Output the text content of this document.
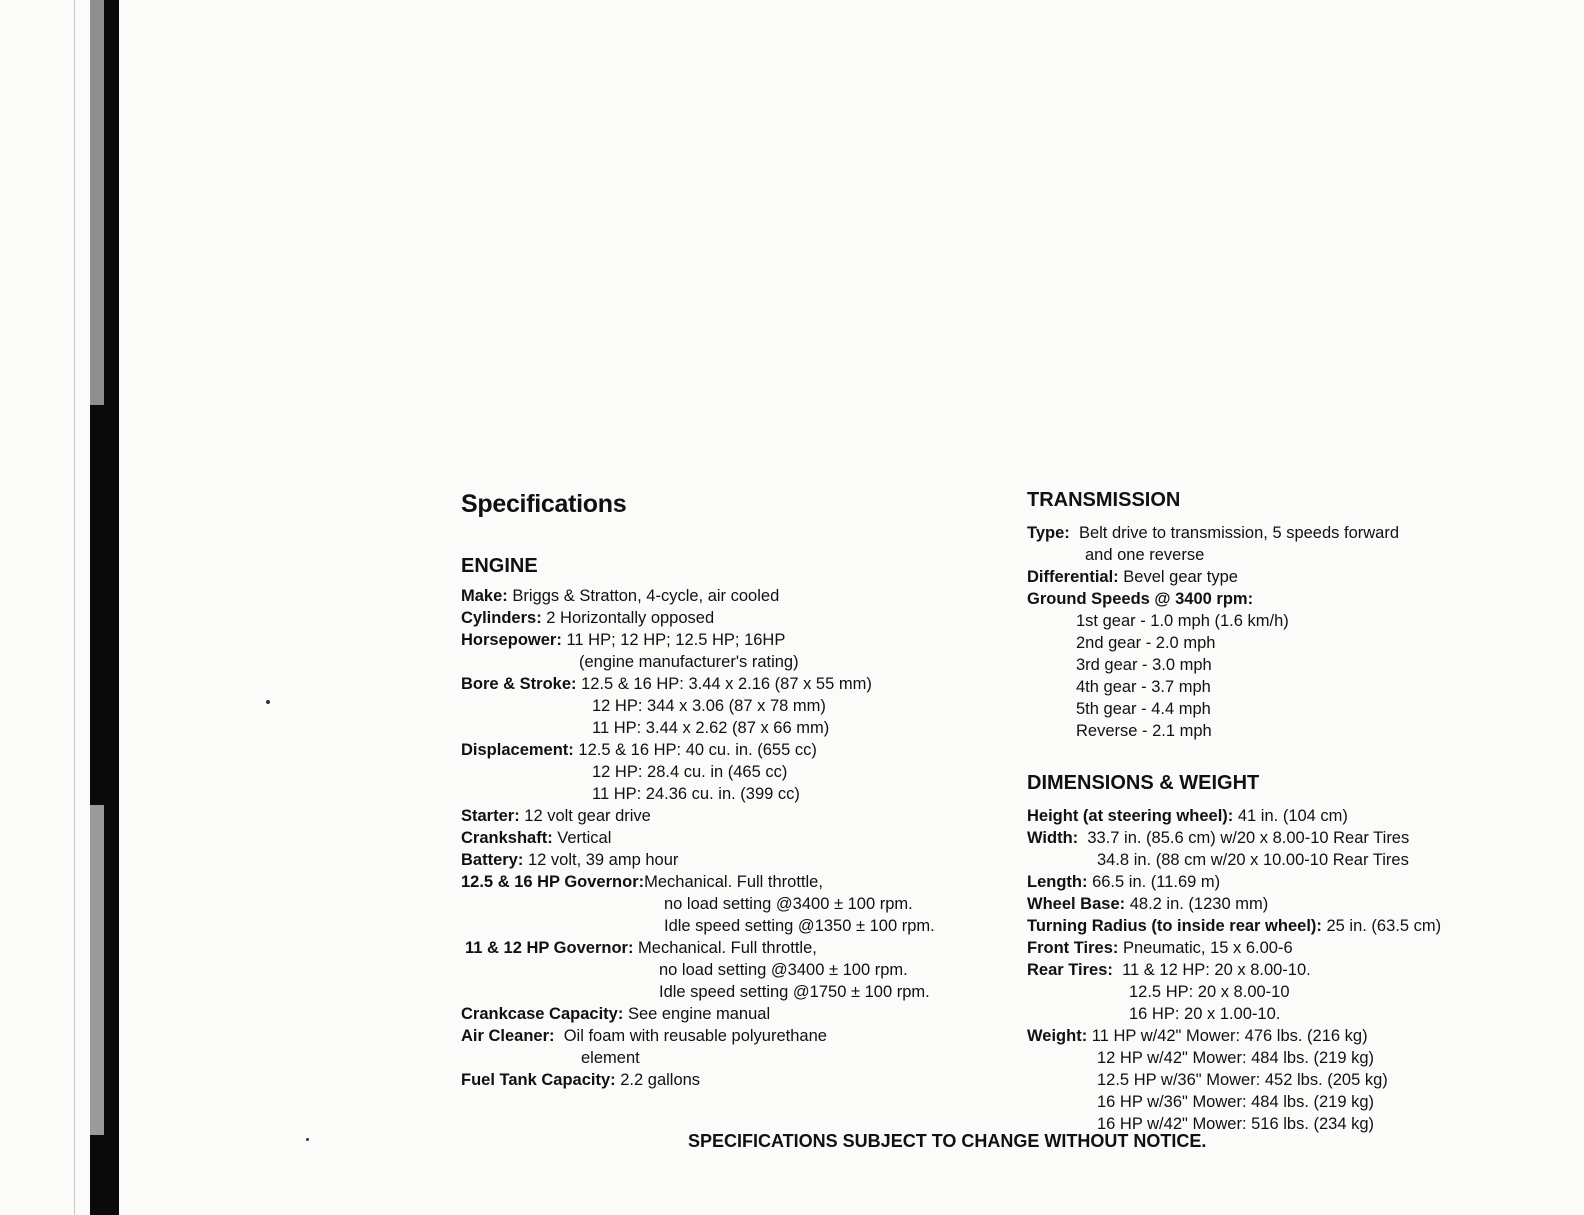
Specifications
ENGINE
Make: Briggs & Stratton, 4-cycle, air cooled
Cylinders: 2 Horizontally opposed
Horsepower: 11 HP; 12 HP; 12.5 HP; 16HP
(engine manufacturer's rating)
Bore & Stroke: 12.5 & 16 HP: 3.44 x 2.16 (87 x 55 mm)
12 HP: 344 x 3.06 (87 x 78 mm)
11 HP: 3.44 x 2.62 (87 x 66 mm)
Displacement: 12.5 & 16 HP: 40 cu. in. (655 cc)
12 HP: 28.4 cu. in (465 cc)
11 HP: 24.36 cu. in. (399 cc)
Starter: 12 volt gear drive
Crankshaft: Vertical
Battery: 12 volt, 39 amp hour
12.5 & 16 HP Governor:Mechanical. Full throttle,
no load setting @3400 ± 100 rpm.
Idle speed setting @1350 ± 100 rpm.
11 & 12 HP Governor: Mechanical. Full throttle,
no load setting @3400 ± 100 rpm.
Idle speed setting @1750 ± 100 rpm.
Crankcase Capacity: See engine manual
Air Cleaner: Oil foam with reusable polyurethane
element
Fuel Tank Capacity: 2.2 gallons
TRANSMISSION
Type: Belt drive to transmission, 5 speeds forward
and one reverse
Differential: Bevel gear type
Ground Speeds @ 3400 rpm:
1st gear - 1.0 mph (1.6 km/h)
2nd gear - 2.0 mph
3rd gear - 3.0 mph
4th gear - 3.7 mph
5th gear - 4.4 mph
Reverse - 2.1 mph
DIMENSIONS & WEIGHT
Height (at steering wheel): 41 in. (104 cm)
Width: 33.7 in. (85.6 cm) w/20 x 8.00-10 Rear Tires
34.8 in. (88 cm w/20 x 10.00-10 Rear Tires
Length: 66.5 in. (11.69 m)
Wheel Base: 48.2 in. (1230 mm)
Turning Radius (to inside rear wheel): 25 in. (63.5 cm)
Front Tires: Pneumatic, 15 x 6.00-6
Rear Tires: 11 & 12 HP: 20 x 8.00-10.
12.5 HP: 20 x 8.00-10
16 HP: 20 x 1.00-10.
Weight: 11 HP w/42" Mower: 476 lbs. (216 kg)
12 HP w/42" Mower: 484 lbs. (219 kg)
12.5 HP w/36" Mower: 452 lbs. (205 kg)
16 HP w/36" Mower: 484 lbs. (219 kg)
16 HP w/42" Mower: 516 lbs. (234 kg)
SPECIFICATIONS SUBJECT TO CHANGE WITHOUT NOTICE.
